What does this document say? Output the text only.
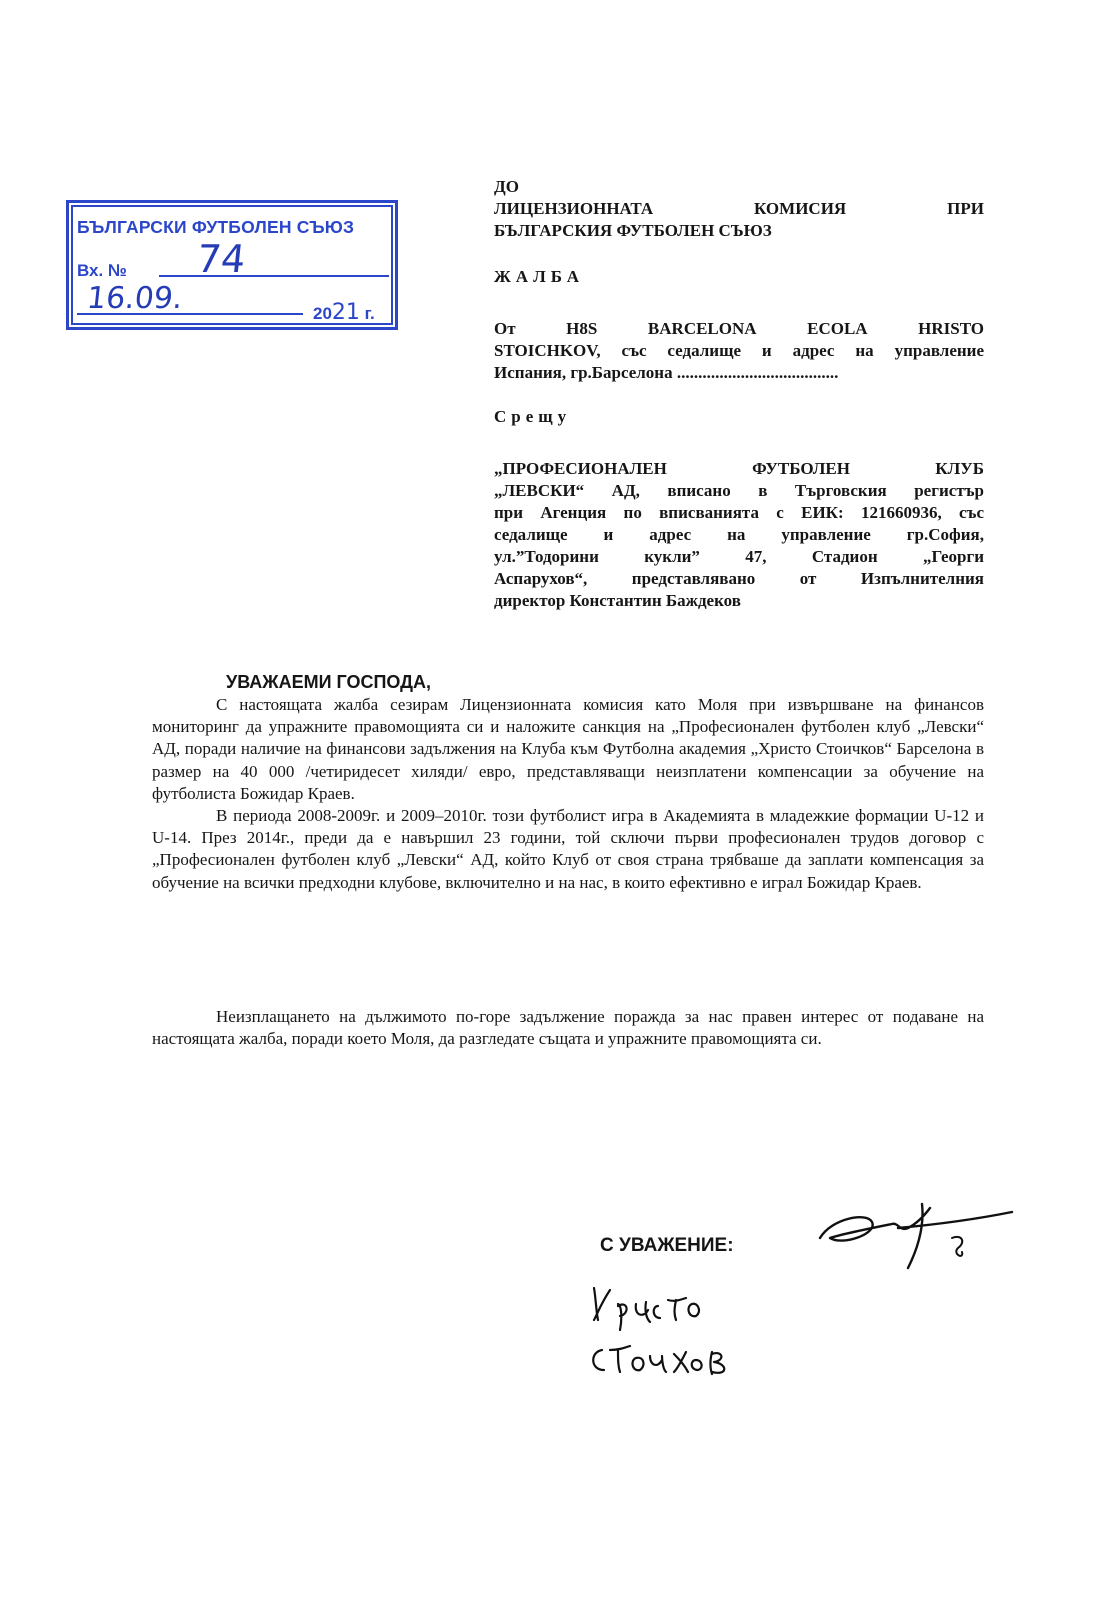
БЪЛГАРСКИ ФУТБОЛЕН СЪЮЗ
Вх. № 74
16.09.	2021 г.
ДО
ЛИЦЕНЗИОННАТА	КОМИСИЯ	ПРИ
БЪЛГАРСКИЯ ФУТБОЛЕН СЪЮЗ
ЖАЛБА
От	H8S	BARCELONA	ECOLA	HRISTO
STOICHKOV, със седалище и адрес на управление
Испания, гр.Барселона ......................................
Срещу
„ПРОФЕСИОНАЛЕН	ФУТБОЛЕН	КЛУБ
„ЛЕВСКИ“ АД, вписано в Търговския регистър
при Агенция по вписванията с ЕИК: 121660936, със
седалище и адрес на управление гр.София,
ул.”Тодорини кукли” 47, Стадион „Георги
Аспарухов“, представлявано от Изпълнителния
директор Константин Баждеков
УВАЖАЕМИ ГОСПОДА,

С настоящата жалба сезирам Лицензионната комисия като Моля при извършване на финансов мониторинг да упражните правомощията си и наложите санкция на „Професионален футболен клуб „Левски“ АД, поради наличие на финансови задължения на Клуба към Футболна академия „Христо Стоичков“ Барселона в размер на 40 000 /четиридесет хиляди/ евро, представляващи неизплатени компенсации за обучение на футболиста Божидар Краев.

В периода 2008-2009г. и 2009–2010г. този футболист игра в Академията в младежкие формации U-12 и U-14. През 2014г., преди да е навършил 23 години, той сключи първи професионален трудов договор с „Професионален футболен клуб „Левски“ АД, който Клуб от своя страна трябваше да заплати компенсация за обучение на всички предходни клубове, включително и на нас, в които ефективно е играл Божидар Краев.

Неизплащането на дължимото по-горе задължение поражда за нас правен интерес от подаване на настоящата жалба, поради което Моля, да разгледате същата и упражните правомощията си.

С УВАЖЕНИЕ:
